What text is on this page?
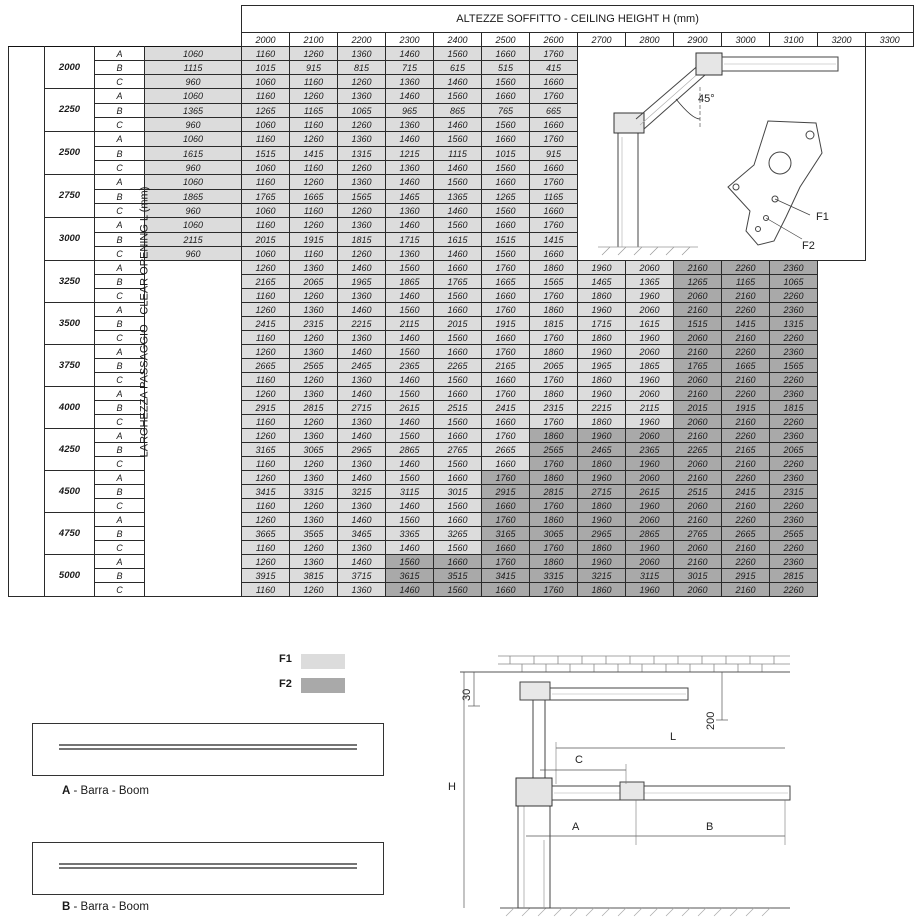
				ALTEZZE SOFFITTO - CEILING HEIGHT H (mm)													
				2000	2100	2200	2300	2400	2500	2600	2700	2800	2900	3000	3100	3200	3300
LARGHEZZA PASSAGGIO - CLEAR OPENING L (mm)	2000	A	1060	1160	1260	1360	1460	1560	1660	1760	45°
F1
F2						

		B	1115	1015	915	815	715	615	515	415							
		C	960	1060	1160	1260	1360	1460	1560	1660							
	2250	A	1060	1160	1260	1360	1460	1560	1660	1760							
		B	1365	1265	1165	1065	965	865	765	665							
		C	960	1060	1160	1260	1360	1460	1560	1660							
	2500	A	1060	1160	1260	1360	1460	1560	1660	1760							
		B	1615	1515	1415	1315	1215	1115	1015	915							
		C	960	1060	1160	1260	1360	1460	1560	1660							
	2750	A	1060	1160	1260	1360	1460	1560	1660	1760							
		B	1865	1765	1665	1565	1465	1365	1265	1165							
		C	960	1060	1160	1260	1360	1460	1560	1660							
	3000	A	1060	1160	1260	1360	1460	1560	1660	1760							
		B	2115	2015	1915	1815	1715	1615	1515	1415							
		C	960	1060	1160	1260	1360	1460	1560	1660							
	3250	A		1260	1360	1460	1560	1660	1760	1860	1960	2060	2160	2260	2360		
		B		2165	2065	1965	1865	1765	1665	1565	1465	1365	1265	1165	1065		
		C		1160	1260	1360	1460	1560	1660	1760	1860	1960	2060	2160	2260		
	3500	A		1260	1360	1460	1560	1660	1760	1860	1960	2060	2160	2260	2360		
		B		2415	2315	2215	2115	2015	1915	1815	1715	1615	1515	1415	1315		
		C		1160	1260	1360	1460	1560	1660	1760	1860	1960	2060	2160	2260		
	3750	A		1260	1360	1460	1560	1660	1760	1860	1960	2060	2160	2260	2360		
		B		2665	2565	2465	2365	2265	2165	2065	1965	1865	1765	1665	1565		
		C		1160	1260	1360	1460	1560	1660	1760	1860	1960	2060	2160	2260		
	4000	A		1260	1360	1460	1560	1660	1760	1860	1960	2060	2160	2260	2360		
		B		2915	2815	2715	2615	2515	2415	2315	2215	2115	2015	1915	1815		
		C		1160	1260	1360	1460	1560	1660	1760	1860	1960	2060	2160	2260		
	4250	A		1260	1360	1460	1560	1660	1760	1860	1960	2060	2160	2260	2360		
		B		3165	3065	2965	2865	2765	2665	2565	2465	2365	2265	2165	2065		
		C		1160	1260	1360	1460	1560	1660	1760	1860	1960	2060	2160	2260		
	4500	A		1260	1360	1460	1560	1660	1760	1860	1960	2060	2160	2260	2360		
		B		3415	3315	3215	3115	3015	2915	2815	2715	2615	2515	2415	2315		
		C		1160	1260	1360	1460	1560	1660	1760	1860	1960	2060	2160	2260		
	4750	A		1260	1360	1460	1560	1660	1760	1860	1960	2060	2160	2260	2360		
		B		3665	3565	3465	3365	3265	3165	3065	2965	2865	2765	2665	2565		
		C		1160	1260	1360	1460	1560	1660	1760	1860	1960	2060	2160	2260		
	5000	A		1260	1360	1460	1560	1660	1760	1860	1960	2060	2160	2260	2360		
		B		3915	3815	3715	3615	3515	3415	3315	3215	3115	3015	2915	2815		
		C		1160	1260	1360	1460	1560	1660	1760	1860	1960	2060	2160	2260		
F1
F2
A - Barra - Boom
B - Barra - Boom
30
200
L
C
H
A	B
